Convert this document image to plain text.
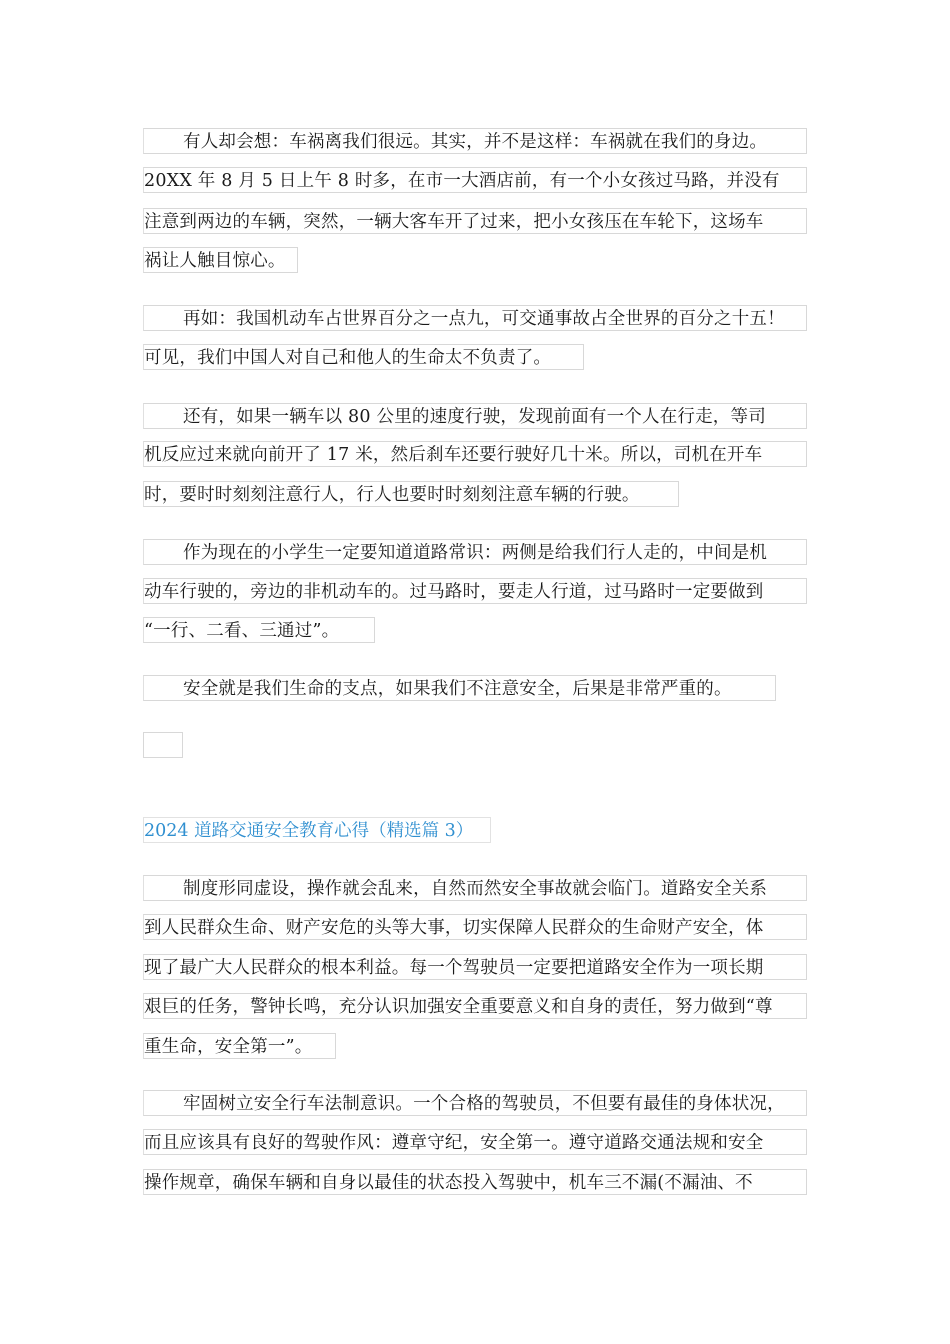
有人却会想：车祸离我们很远。其实，并不是这样：车祸就在我们的身边。
20XX 年 8 月 5 日上午 8 时多，在市一大酒店前，有一个小女孩过马路，并没有
注意到两边的车辆，突然，一辆大客车开了过来，把小女孩压在车轮下，这场车
祸让人触目惊心。
再如：我国机动车占世界百分之一点九，可交通事故占全世界的百分之十五！
可见，我们中国人对自己和他人的生命太不负责了。
还有，如果一辆车以 80 公里的速度行驶，发现前面有一个人在行走，等司
机反应过来就向前开了 17 米，然后刹车还要行驶好几十米。所以，司机在开车
时，要时时刻刻注意行人，行人也要时时刻刻注意车辆的行驶。
作为现在的小学生一定要知道道路常识：两侧是给我们行人走的，中间是机
动车行驶的，旁边的非机动车的。过马路时，要走人行道，过马路时一定要做到
“一行、二看、三通过”。
安全就是我们生命的支点，如果我们不注意安全，后果是非常严重的。
2024 道路交通安全教育心得（精选篇 3）
制度形同虚设，操作就会乱来，自然而然安全事故就会临门。道路安全关系
到人民群众生命、财产安危的头等大事，切实保障人民群众的生命财产安全，体
现了最广大人民群众的根本利益。每一个驾驶员一定要把道路安全作为一项长期
艰巨的任务，警钟长鸣，充分认识加强安全重要意义和自身的责任，努力做到“尊
重生命，安全第一”。
牢固树立安全行车法制意识。一个合格的驾驶员，不但要有最佳的身体状况，
而且应该具有良好的驾驶作风：遵章守纪，安全第一。遵守道路交通法规和安全
操作规章，确保车辆和自身以最佳的状态投入驾驶中，机车三不漏(不漏油、不
